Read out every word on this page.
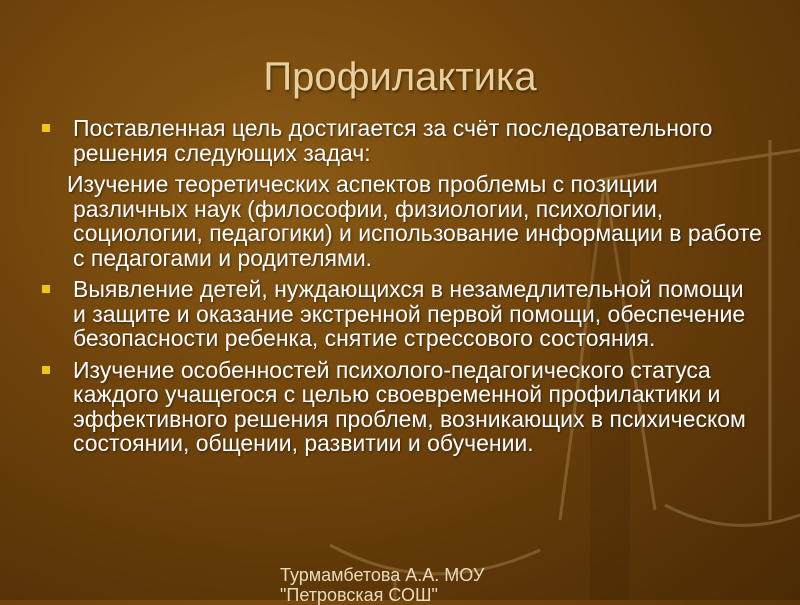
Профилактика
Поставленная цель достигается за счёт последовательного решения следующих задач:
Изучение теоретических аспектов проблемы с позиции различных наук (философии, физиологии, психологии, социологии, педагогики) и использование информации в работе с педагогами и родителями.
Выявление детей, нуждающихся в незамедлительной помощи и защите и оказание экстренной первой помощи, обеспечение безопасности ребенка, снятие стрессового состояния.
Изучение особенностей психолого-педагогического статуса каждого учащегося с целью своевременной профилактики и эффективного решения проблем, возникающих в психическом состоянии, общении, развитии и обучении.
Турмамбетова А.А. МОУ
"Петровская СОШ"
